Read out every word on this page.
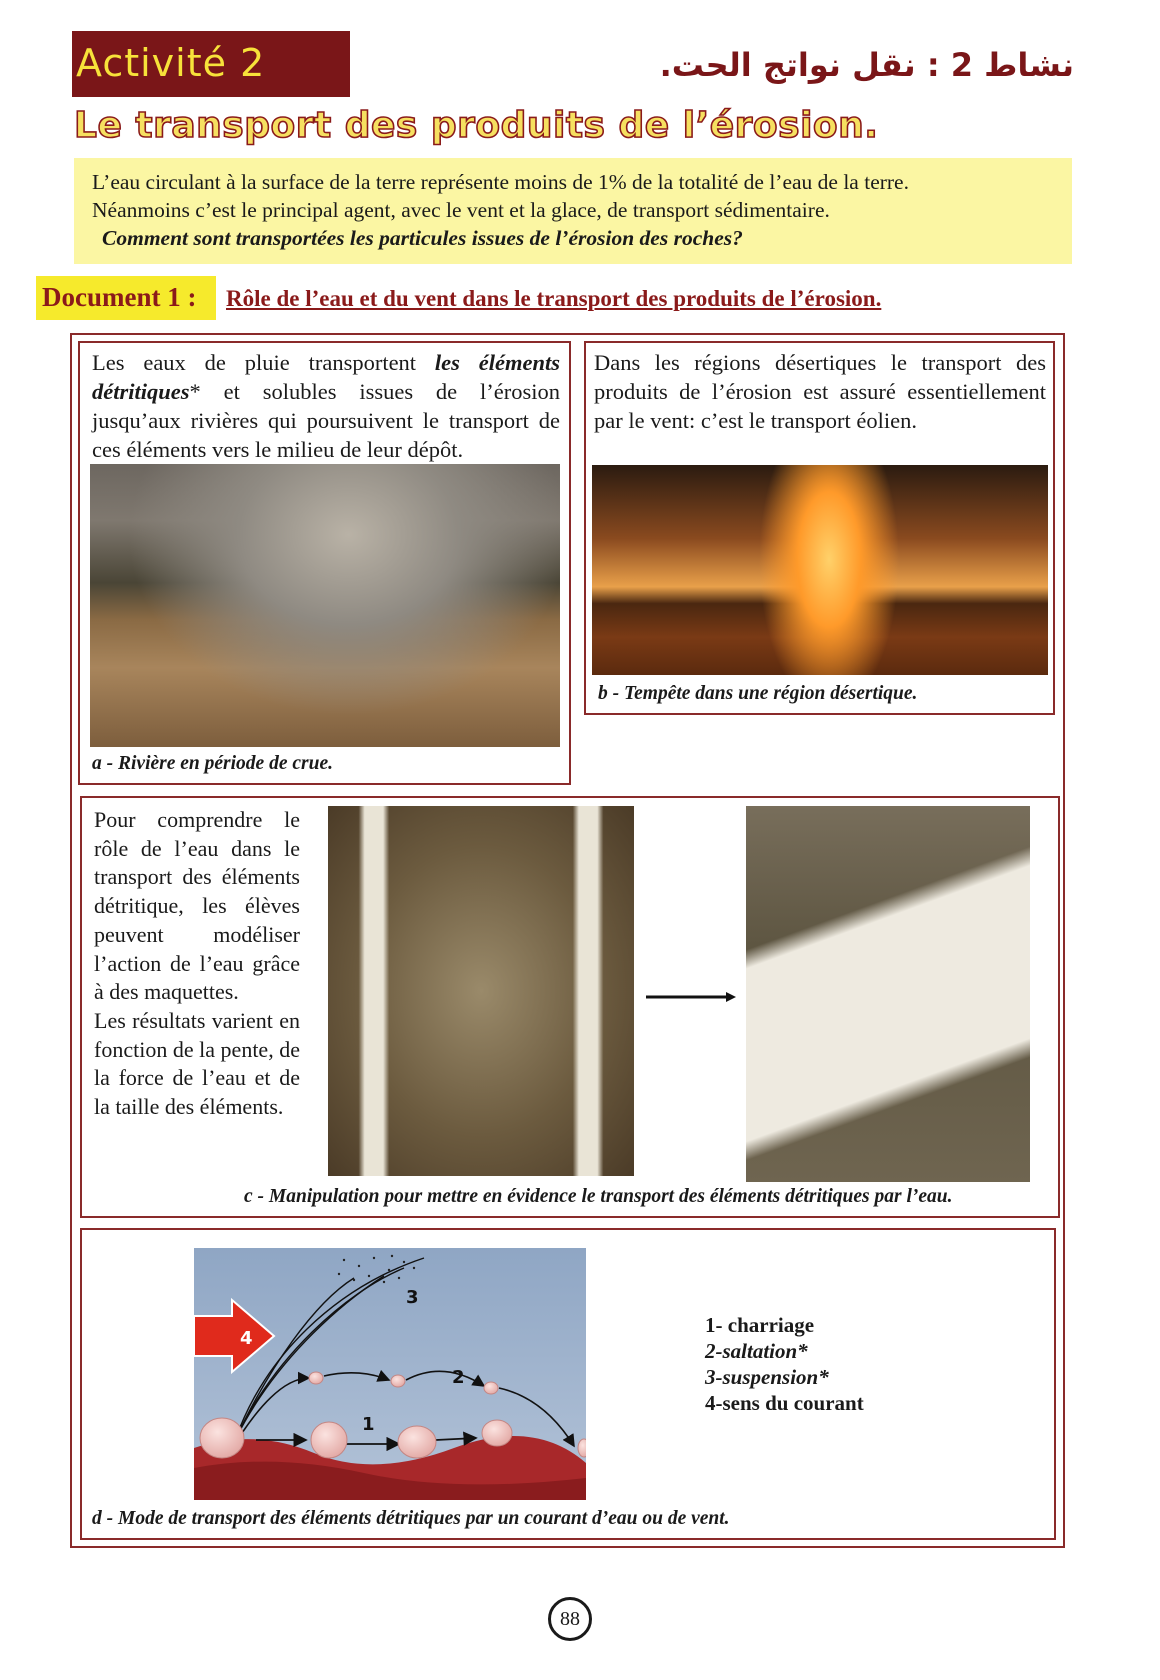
Activité 2	نشاط 2 : نقل نواتج الحت.
Le transport des produits de l’érosion.

L’eau circulant à la surface de la terre représente moins de 1% de la totalité de l’eau de la terre.

Néanmoins c’est le principal agent, avec le vent et la glace, de transport sédimentaire.

Comment sont transportées les particules issues de l’érosion des roches?

Document 1 : Rôle de l’eau et du vent dans le transport des produits de l’érosion.
Les eaux de pluie transportent les éléments détritiques* et solubles issues de l’érosion jusqu’aux rivières qui poursuivent le transport de ces éléments vers le milieu de leur dépôt.
a - Rivière en période de crue.
Dans les régions désertiques le transport des produits de l’érosion est assuré essentiellement par le vent: c’est le transport éolien.
b - Tempête dans une région désertique.
Pour comprendre le rôle de l’eau dans le transport des éléments détritique, les élèves peuvent modéliser l’action de l’eau grâce à des maquettes.
Les résultats varient en fonction de la pente, de la force de l’eau et de la taille des éléments.
c - Manipulation pour mettre en évidence le transport des éléments détritiques par l’eau.
4
3
2
1
1- charriage
2-saltation*
3-suspension*
4-sens du courant
d - Mode de transport des éléments détritiques par un courant d’eau ou de vent.
88
